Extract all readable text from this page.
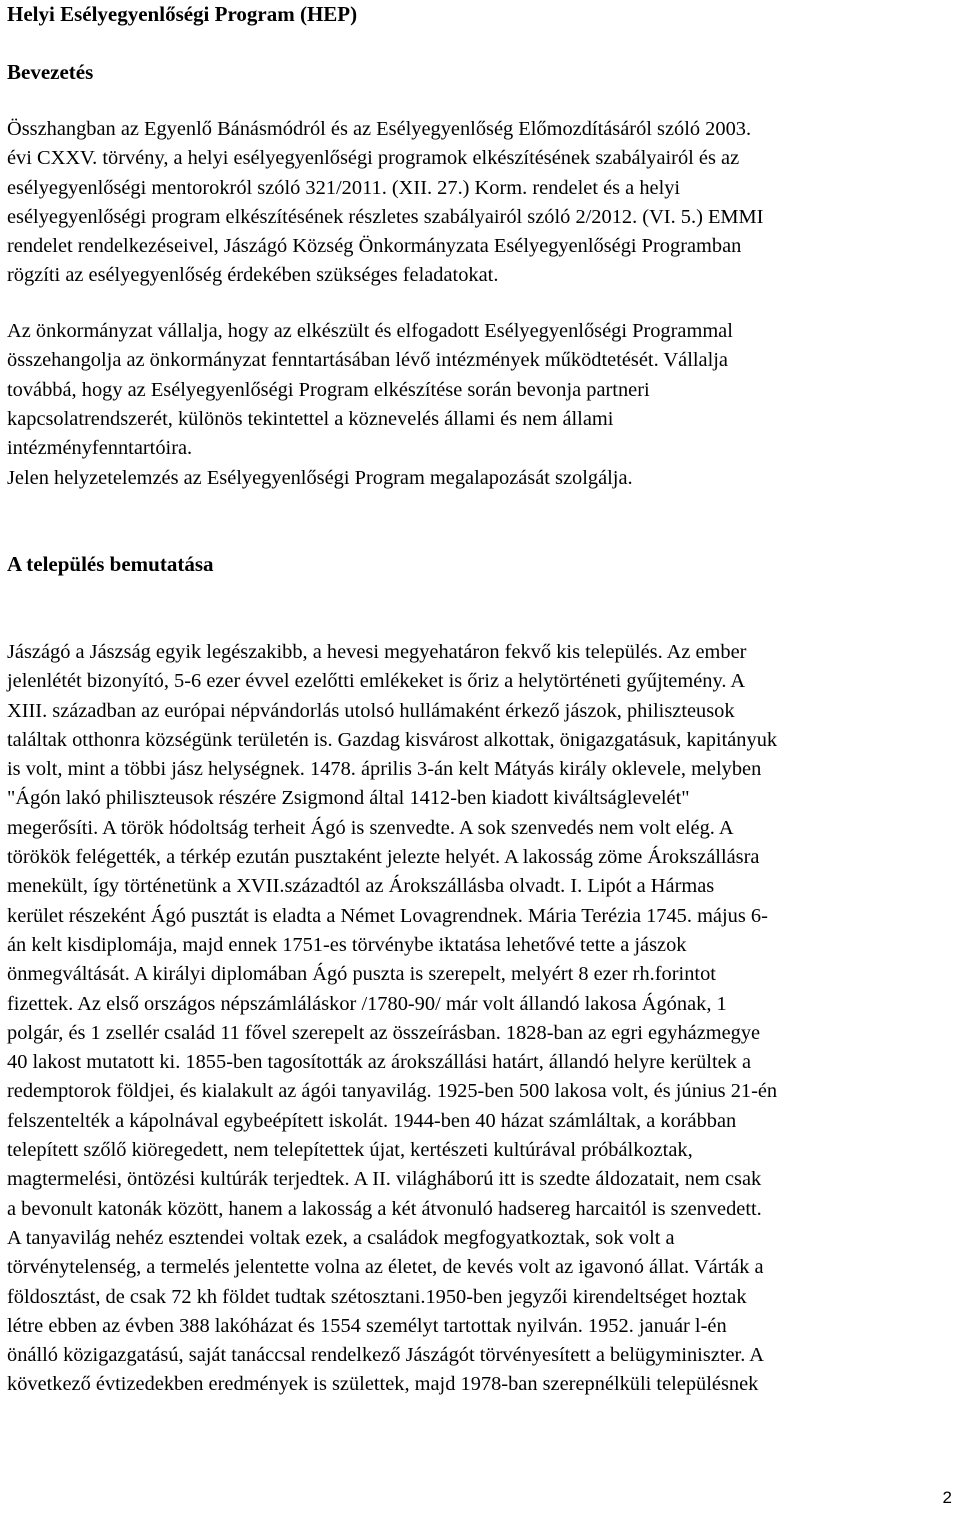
Helyi Esélyegyenlőségi Program (HEP)
Bevezetés

Összhangban az Egyenlő Bánásmódról és az Esélyegyenlőség Előmozdításáról szóló 2003.
évi CXXV. törvény, a helyi esélyegyenlőségi programok elkészítésének szabályairól és az
esélyegyenlőségi mentorokról szóló 321/2011. (XII. 27.) Korm. rendelet és a helyi
esélyegyenlőségi program elkészítésének részletes szabályairól szóló 2/2012. (VI. 5.) EMMI
rendelet rendelkezéseivel, Jászágó Község Önkormányzata Esélyegyenlőségi Programban
rögzíti az esélyegyenlőség érdekében szükséges feladatokat.

Az önkormányzat vállalja, hogy az elkészült és elfogadott Esélyegyenlőségi Programmal
összehangolja az önkormányzat fenntartásában lévő intézmények működtetését. Vállalja
továbbá, hogy az Esélyegyenlőségi Program elkészítése során bevonja partneri
kapcsolatrendszerét, különös tekintettel a köznevelés állami és nem állami
intézményfenntartóira.

Jelen helyzetelemzés az Esélyegyenlőségi Program megalapozását szolgálja.

A település bemutatása

Jászágó a Jászság egyik legészakibb, a hevesi megyehatáron fekvő kis település. Az ember
jelenlétét bizonyító, 5-6 ezer évvel ezelőtti emlékeket is őriz a helytörténeti gyűjtemény. A
XIII. században az európai népvándorlás utolsó hullámaként érkező jászok, philiszteusok
találtak otthonra községünk területén is. Gazdag kisvárost alkottak, önigazgatásuk, kapitányuk
is volt, mint a többi jász helységnek. 1478. április 3-án kelt Mátyás király oklevele, melyben
"Ágón lakó philiszteusok részére Zsigmond által 1412-ben kiadott kiváltságlevelét"
megerősíti. A török hódoltság terheit Ágó is szenvedte. A sok szenvedés nem volt elég. A
törökök felégették, a térkép ezután pusztaként jelezte helyét. A lakosság zöme Árokszállásra
menekült, így történetünk a XVII.századtól az Árokszállásba olvadt. I. Lipót a Hármas
kerület részeként Ágó pusztát is eladta a Német Lovagrendnek. Mária Terézia 1745. május 6-
án kelt kisdiplomája, majd ennek 1751-es törvénybe iktatása lehetővé tette a jászok
önmegváltását. A királyi diplomában Ágó puszta is szerepelt, melyért 8 ezer rh.forintot
fizettek. Az első országos népszámláláskor /1780-90/ már volt állandó lakosa Ágónak, 1
polgár, és 1 zsellér család 11 fővel szerepelt az összeírásban. 1828-ban az egri egyházmegye
40 lakost mutatott ki. 1855-ben tagosították az árokszállási határt, állandó helyre kerültek a
redemptorok földjei, és kialakult az ágói tanyavilág. 1925-ben 500 lakosa volt, és június 21-én
felszentelték a kápolnával egybeépített iskolát. 1944-ben 40 házat számláltak, a korábban
telepített szőlő kiöregedett, nem telepítettek újat, kertészeti kultúrával próbálkoztak,
magtermelési, öntözési kultúrák terjedtek. A II. világháború itt is szedte áldozatait, nem csak
a bevonult katonák között, hanem a lakosság a két átvonuló hadsereg harcaitól is szenvedett.
A tanyavilág nehéz esztendei voltak ezek, a családok megfogyatkoztak, sok volt a
törvénytelenség, a termelés jelentette volna az életet, de kevés volt az igavonó állat. Várták a
földosztást, de csak 72 kh földet tudtak szétosztani.1950-ben jegyzői kirendeltséget hoztak
létre ebben az évben 388 lakóházat és 1554 személyt tartottak nyilván. 1952. január l-én
önálló közigazgatású, saját tanáccsal rendelkező Jászágót törvényesített a belügyminiszter. A
következő évtizedekben eredmények is születtek, majd 1978-ban szerepnélküli településnek

2
